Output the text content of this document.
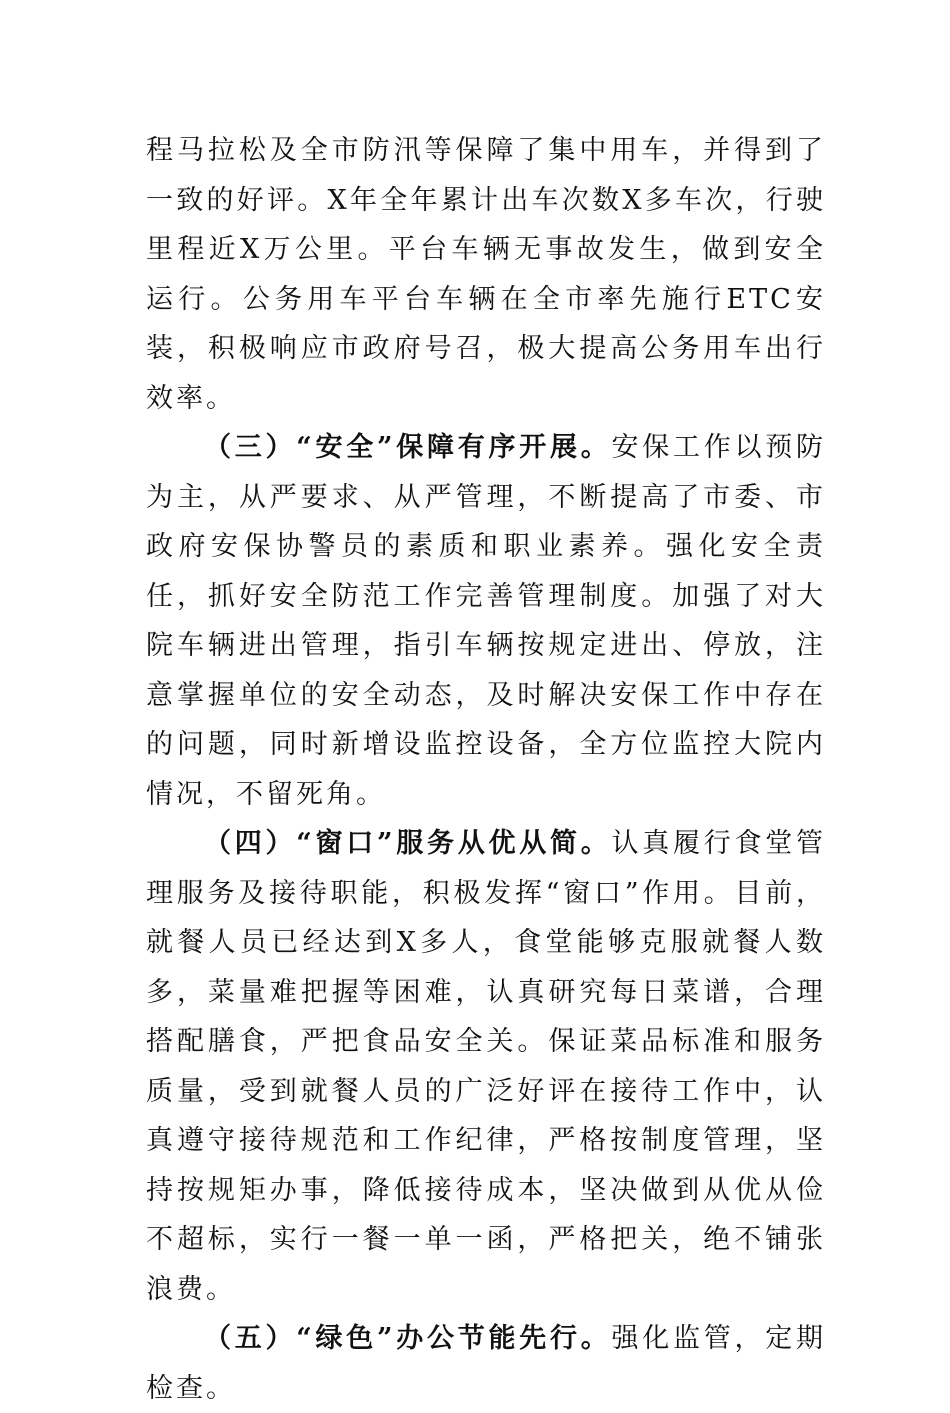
程马拉松及全市防汛等保障了集中用车，并得到了一致的好评。X年全年累计出车次数X多车次，行驶里程近X万公里。平台车辆无事故发生，做到安全运行。公务用车平台车辆在全市率先施行ETC安装，积极响应市政府号召，极大提高公务用车出行效率。

（三）“安全”保障有序开展。安保工作以预防为主，从严要求、从严管理，不断提高了市委、市政府安保协警员的素质和职业素养。强化安全责任，抓好安全防范工作完善管理制度。加强了对大院车辆进出管理，指引车辆按规定进出、停放，注意掌握单位的安全动态，及时解决安保工作中存在的问题，同时新增设监控设备，全方位监控大院内情况，不留死角。

（四）“窗口”服务从优从简。认真履行食堂管理服务及接待职能，积极发挥“窗口”作用。目前，就餐人员已经达到X多人，食堂能够克服就餐人数多，菜量难把握等困难，认真研究每日菜谱，合理搭配膳食，严把食品安全关。保证菜品标准和服务质量，受到就餐人员的广泛好评在接待工作中，认真遵守接待规范和工作纪律，严格按制度管理，坚持按规矩办事，降低接待成本，坚决做到从优从俭不超标，实行一餐一单一函，严格把关，绝不铺张浪费。

（五）“绿色”办公节能先行。强化监管，定期检查。
